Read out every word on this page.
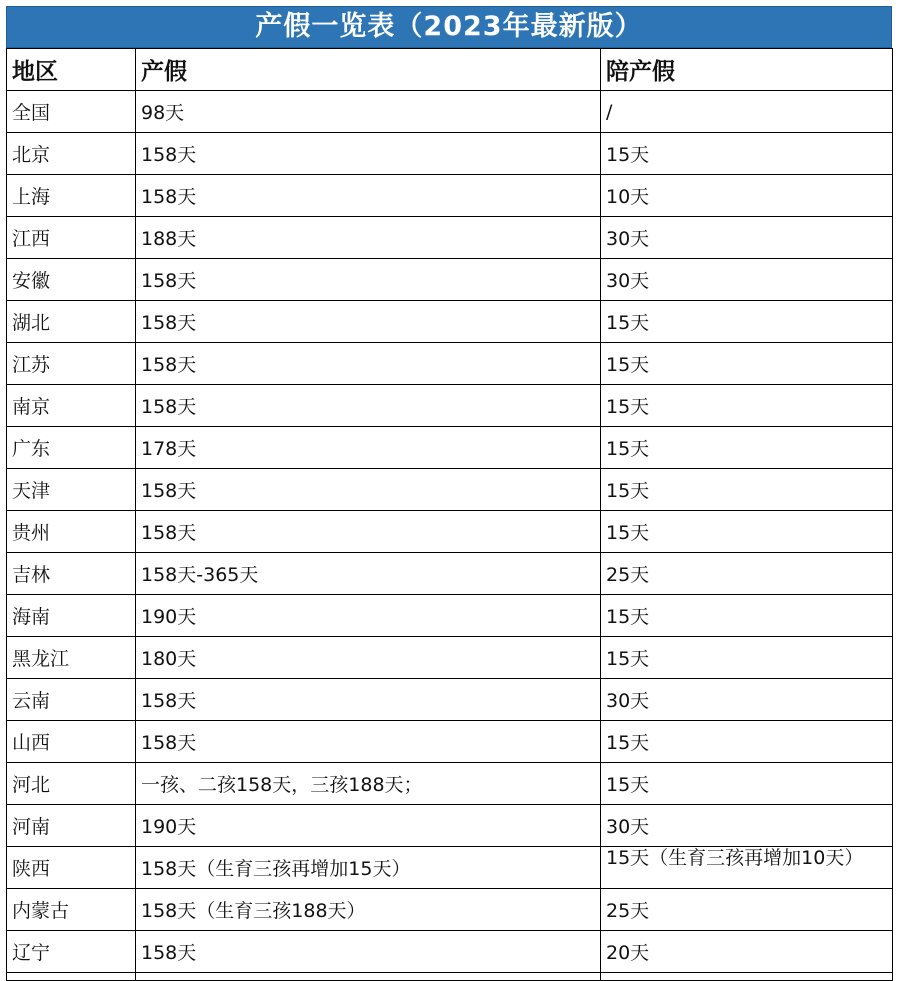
产假一览表（2023年最新版）
地区	产假	陪产假
全国	98天	/
北京	158天	15天
上海	158天	10天
江西	188天	30天
安徽	158天	30天
湖北	158天	15天
江苏	158天	15天
南京	158天	15天
广东	178天	15天
天津	158天	15天
贵州	158天	15天
吉林	158天-365天	25天
海南	190天	15天
黑龙江	180天	15天
云南	158天	30天
山西	158天	15天
河北	一孩、二孩158天，三孩188天；	15天
河南	190天	30天
陕西	158天（生育三孩再增加15天）	15天（生育三孩再增加10天）
内蒙古	158天（生育三孩188天）	25天
辽宁	158天	20天
